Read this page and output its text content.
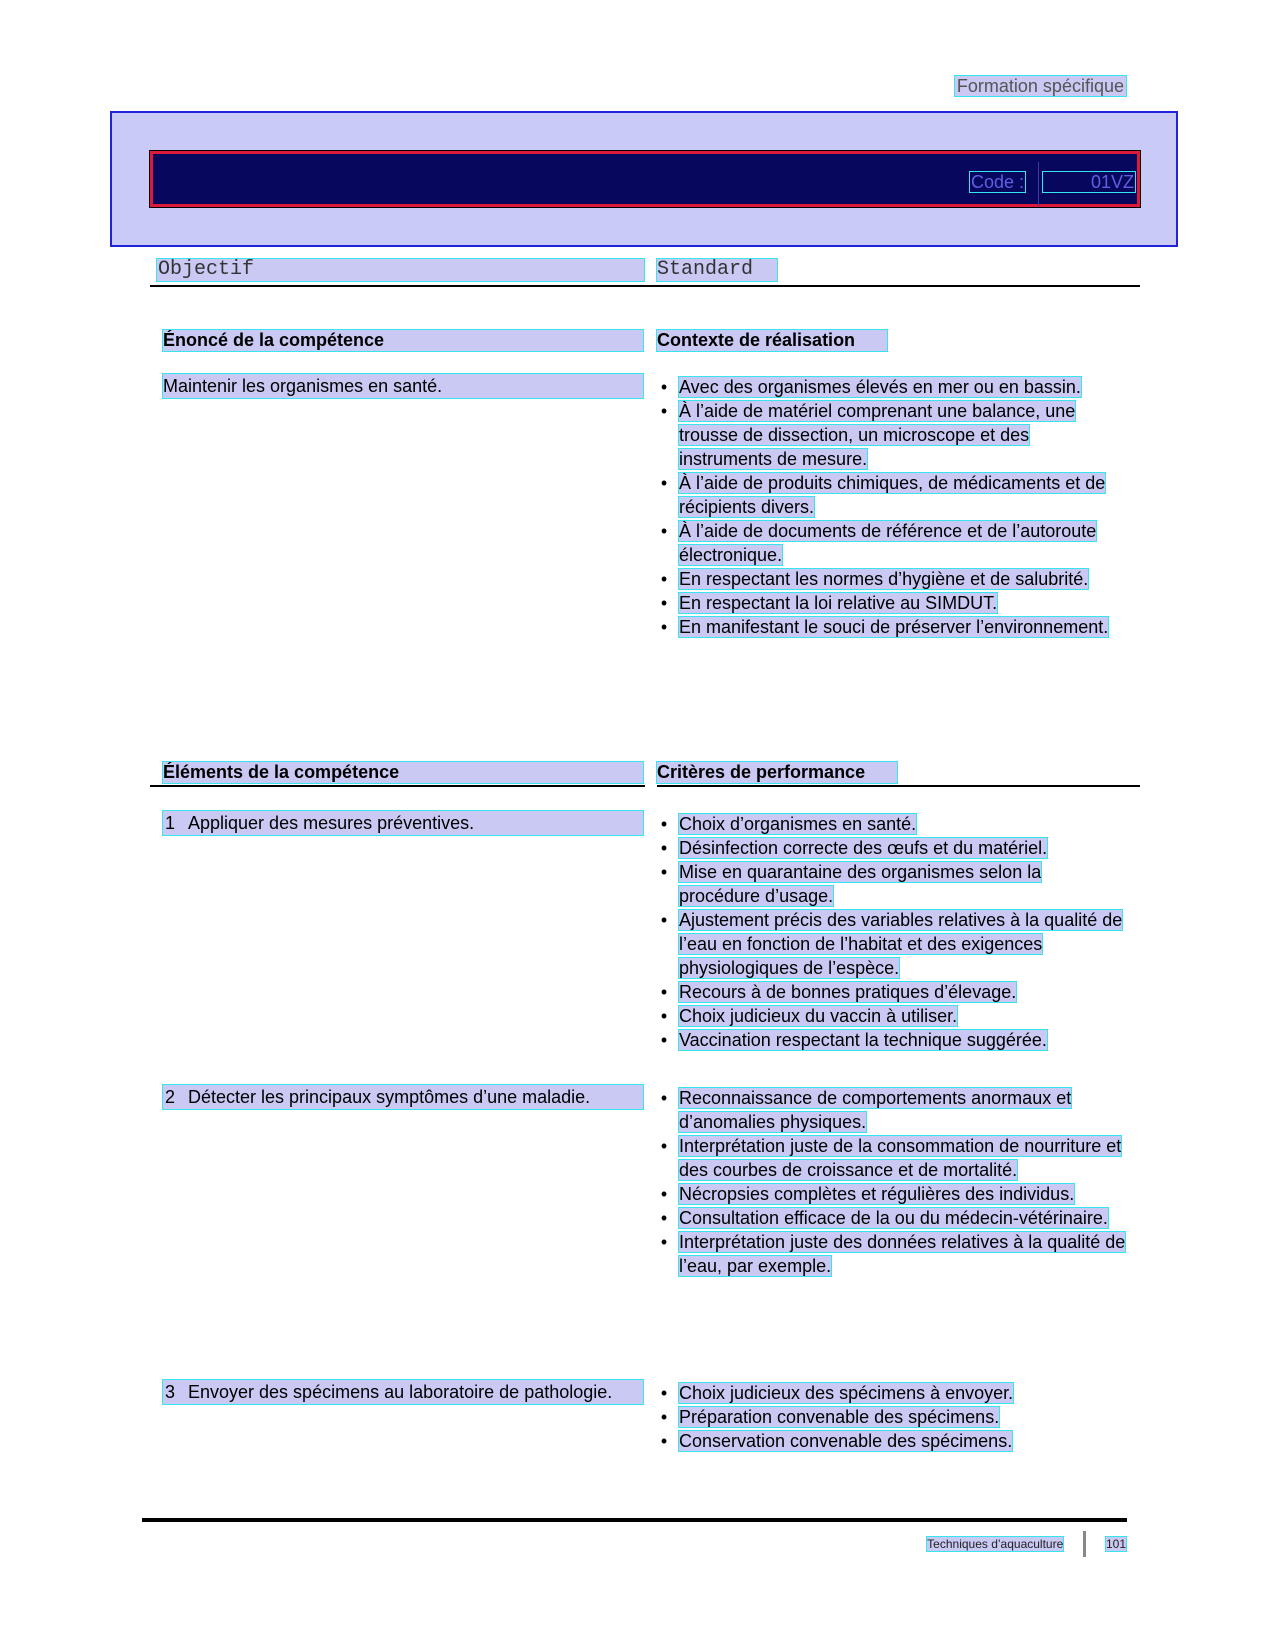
Formation spécifique
Code :	01VZ
Objectif	Standard
Énoncé de la compétence	Contexte de réalisation
Maintenir les organismes en santé.	• Avec des organismes élevés en mer ou en bassin.
• À l’aide de matériel comprenant une balance, une trousse de dissection, un microscope et des instruments de mesure.
• À l’aide de produits chimiques, de médicaments et de récipients divers.
• À l’aide de documents de référence et de l’autoroute électronique.
• En respectant les normes d’hygiène et de salubrité.
• En respectant la loi relative au SIMDUT.
• En manifestant le souci de préserver l’environnement.
Éléments de la compétence	Critères de performance
1 Appliquer des mesures préventives.	• Choix d’organismes en santé.
• Désinfection correcte des œufs et du matériel.
• Mise en quarantaine des organismes selon la procédure d’usage.
• Ajustement précis des variables relatives à la qualité de l’eau en fonction de l’habitat et des exigences physiologiques de l’espèce.
• Recours à de bonnes pratiques d’élevage.
• Choix judicieux du vaccin à utiliser.
• Vaccination respectant la technique suggérée.
2 Détecter les principaux symptômes d’une maladie.	• Reconnaissance de comportements anormaux et d’anomalies physiques.
• Interprétation juste de la consommation de nourriture et des courbes de croissance et de mortalité.
• Nécropsies complètes et régulières des individus.
• Consultation efficace de la ou du médecin-vétérinaire.
• Interprétation juste des données relatives à la qualité de l’eau, par exemple.
3 Envoyer des spécimens au laboratoire de pathologie.	• Choix judicieux des spécimens à envoyer.
• Préparation convenable des spécimens.
• Conservation convenable des spécimens.
Techniques d’aquaculture	101
